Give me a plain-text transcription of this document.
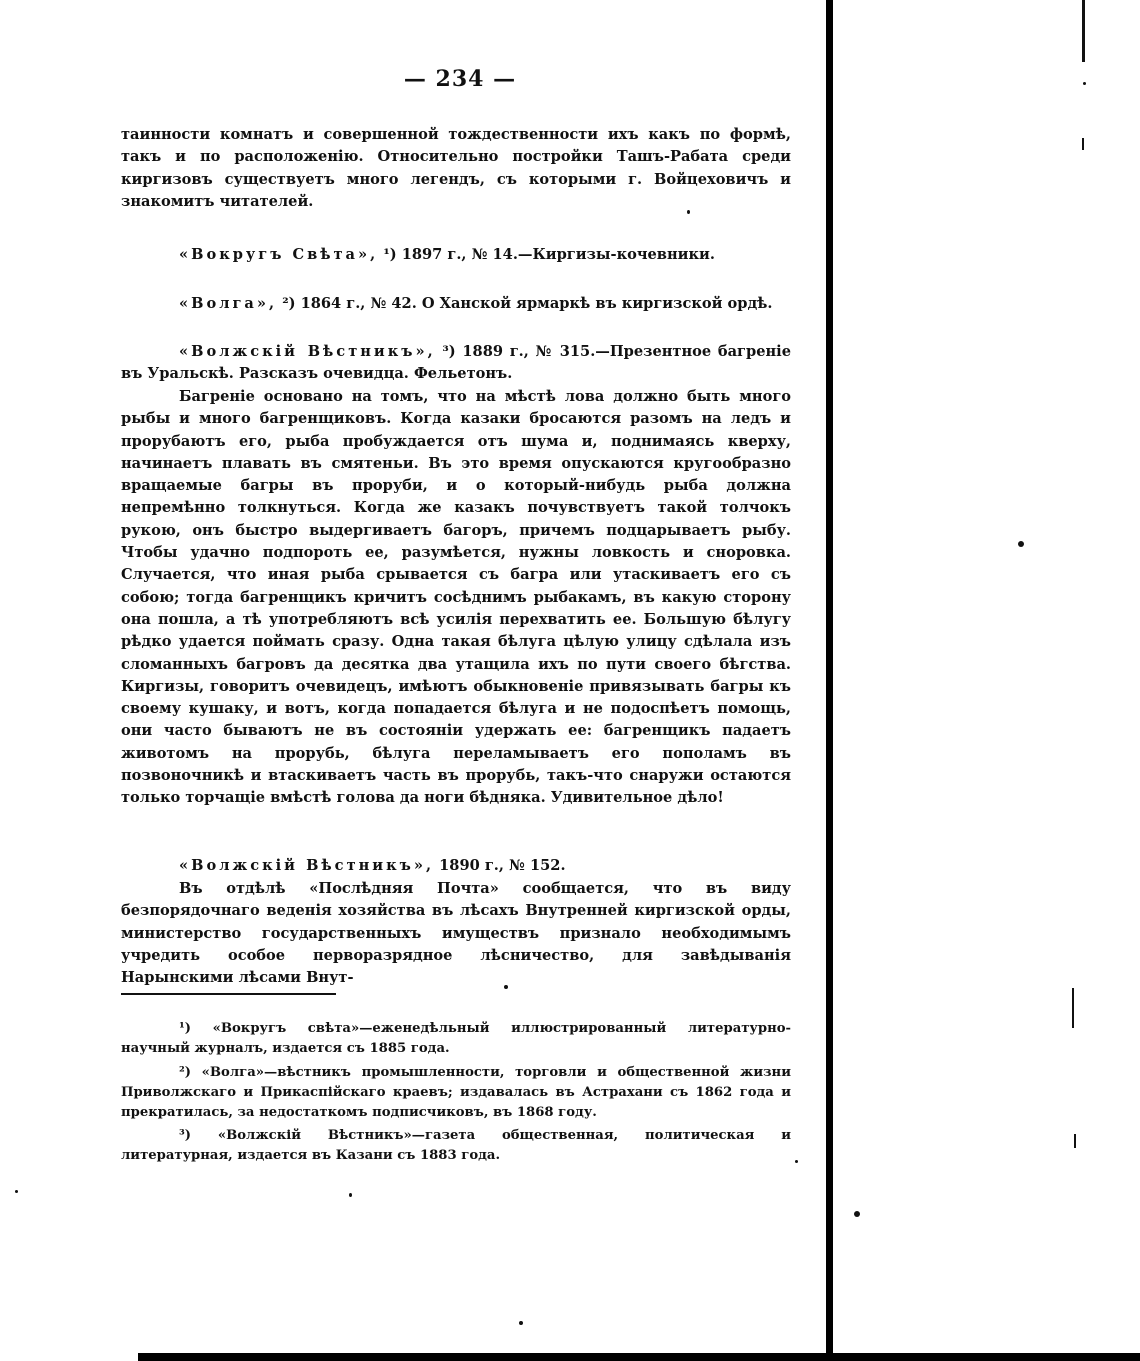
— 234 —

таинности комнатъ и совершенной тождественности ихъ какъ по формѣ, такъ и по расположенію. Относительно постройки Ташъ-Рабата среди киргизовъ существуетъ много легендъ, съ которыми г. Войцеховичъ и знакомитъ читателей.

«Вокругъ Свѣта», ¹) 1897 г., № 14.—Киргизы-кочевники.

«Волга», ²) 1864 г., № 42. О Ханской ярмаркѣ въ киргизской ордѣ.

«Волжскій Вѣстникъ», ³) 1889 г., № 315.—Презентное багреніе въ Уральскѣ. Разсказъ очевидца. Фельетонъ.

Багреніе основано на томъ, что на мѣстѣ лова должно быть много рыбы и много багренщиковъ. Когда казаки бросаются разомъ на ледъ и прорубаютъ его, рыба пробуждается отъ шума и, поднимаясь кверху, начинаетъ плавать въ смятеньи. Въ это время опускаются кругообразно вращаемые багры въ проруби, и о который-нибудь рыба должна непремѣнно толкнуться. Когда же казакъ почувствуетъ такой толчокъ рукою, онъ быстро выдергиваетъ багоръ, причемъ подцарываетъ рыбу. Чтобы удачно подпороть ее, разумѣется, нужны ловкость и сноровка. Случается, что иная рыба срывается съ багра или утаскиваетъ его съ собою; тогда багренщикъ кричитъ сосѣднимъ рыбакамъ, въ какую сторону она пошла, а тѣ употребляютъ всѣ усилія перехватить ее. Большую бѣлугу рѣдко удается поймать сразу. Одна такая бѣлуга цѣлую улицу сдѣлала изъ сломанныхъ багровъ да десятка два утащила ихъ по пути своего бѣгства. Киргизы, говоритъ очевидецъ, имѣютъ обыкновеніе привязывать багры къ своему кушаку, и вотъ, когда попадается бѣлуга и не подоспѣетъ помощь, они часто бываютъ не въ состояніи удержать ее: багренщикъ падаетъ животомъ на прорубь, бѣлуга переламываетъ его пополамъ въ позвоночникѣ и втаскиваетъ часть въ прорубь, такъ-что снаружи остаются только торчащіе вмѣстѣ голова да ноги бѣдняка. Удивительное дѣло!

«Волжскій Вѣстникъ», 1890 г., № 152.

Въ отдѣлѣ «Послѣдняя Почта» сообщается, что въ виду безпорядочнаго веденія хозяйства въ лѣсахъ Внутренней киргизской орды, министерство государственныхъ имуществъ признало необходимымъ учредить особое перворазрядное лѣсничество, для завѣдыванія Нарынскими лѣсами Внут-

¹) «Вокругъ свѣта»—еженедѣльный иллюстрированный литературно-научный журналъ, издается съ 1885 года.

²) «Волга»—вѣстникъ промышленности, торговли и общественной жизни Приволжскаго и Прикаспійскаго краевъ; издавалась въ Астрахани съ 1862 года и прекратилась, за недостаткомъ подписчиковъ, въ 1868 году.

³) «Волжскій Вѣстникъ»—газета общественная, политическая и литературная, издается въ Казани съ 1883 года.
